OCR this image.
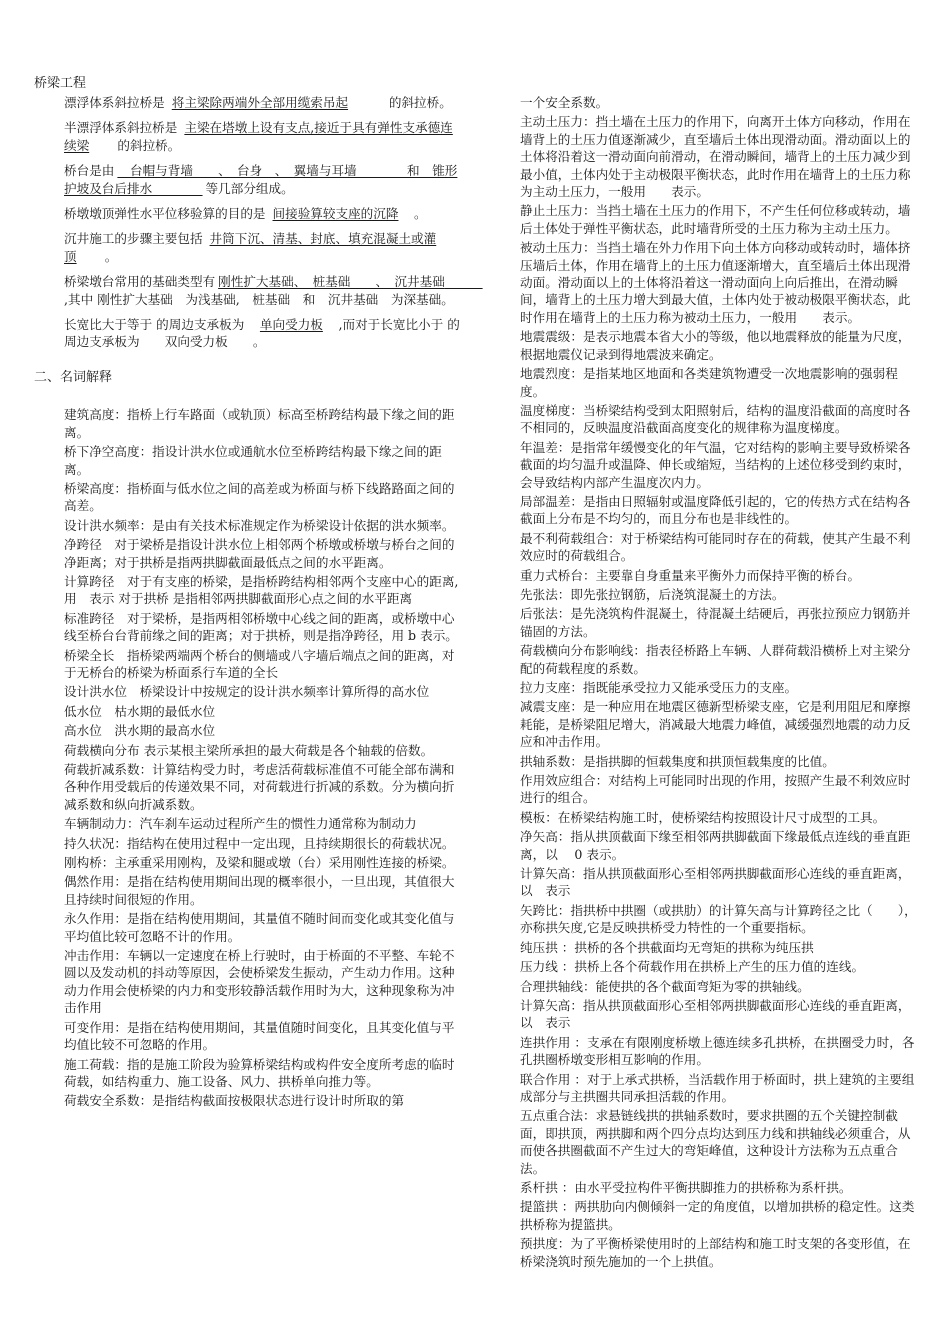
桥梁工程

漂浮体系斜拉桥是 将主梁除两端外全部用缆索吊起　　　的斜拉桥。

半漂浮体系斜拉桥是 主梁在塔墩上设有支点,接近于具有弹性支承德连续梁　　的斜拉桥。

桥台是由　台帽与背墙　　、　台身　、　翼墙与耳墙　　　　和　锥形护坡及台后排水　　　　等几部分组成。

桥墩墩顶弹性水平位移验算的目的是 间接验算较支座的沉降　。

沉井施工的步骤主要包括 井筒下沉、清基、封底、填充混凝土或灌顶　　。

桥梁墩台常用的基础类型有 刚性扩大基础、　桩基础　　、　沉井基础　　　,其中 刚性扩大基础　为浅基础,　桩基础　和　沉井基础　为深基础。

长宽比大于等于 的周边支承板为　单向受力板　,而对于长宽比小于 的周边支承板为　　双向受力板　　。

二、名词解释

建筑高度：指桥上行车路面（或轨顶）标高至桥跨结构最下缘之间的距离。

桥下净空高度：指设计洪水位或通航水位至桥跨结构最下缘之间的距离。

桥梁高度：指桥面与低水位之间的高差或为桥面与桥下线路路面之间的高差。

设计洪水频率：是由有关技术标准规定作为桥梁设计依据的洪水频率。

净跨径　对于梁桥是指设计洪水位上相邻两个桥墩或桥墩与桥台之间的净距离；对于拱桥是指两拱脚截面最低点之间的水平距离。

计算跨径　对于有支座的桥梁，是指桥跨结构相邻两个支座中心的距离,用　表示 对于拱桥 是指相邻两拱脚截面形心点之间的水平距离

标准跨径　对于梁桥，是指两相邻桥墩中心线之间的距离，或桥墩中心线至桥台台背前缘之间的距离；对于拱桥，则是指净跨径，用 b 表示。

桥梁全长　指桥梁两端两个桥台的侧墙或八字墙后端点之间的距离，对于无桥台的桥梁为桥面系行车道的全长

设计洪水位　桥梁设计中按规定的设计洪水频率计算所得的高水位

低水位　枯水期的最低水位

高水位　洪水期的最高水位

荷载横向分布 表示某根主梁所承担的最大荷载是各个轴载的倍数。

荷载折减系数：计算结构受力时，考虑活荷载标准值不可能全部布满和各种作用受载后的传递效果不同，对荷载进行折减的系数。分为横向折减系数和纵向折减系数。

车辆制动力：汽车刹车运动过程所产生的惯性力通常称为制动力

持久状况：指结构在使用过程中一定出现，且持续期很长的荷载状况。

刚构桥：主承重采用刚构，及梁和腿或墩（台）采用刚性连接的桥梁。

偶然作用：是指在结构使用期间出现的概率很小，一旦出现，其值很大且持续时间很短的作用。

永久作用：是指在结构使用期间，其量值不随时间而变化或其变化值与平均值比较可忽略不计的作用。

冲击作用：车辆以一定速度在桥上行驶时，由于桥面的不平整、车轮不圆以及发动机的抖动等原因，会使桥梁发生振动，产生动力作用。这种动力作用会使桥梁的内力和变形较静活载作用时为大，这种现象称为冲击作用

可变作用：是指在结构使用期间，其量值随时间变化，且其变化值与平均值比较不可忽略的作用。

施工荷载：指的是施工阶段为验算桥梁结构或构件安全度所考虑的临时荷载，如结构重力、施工设备、风力、拱桥单向推力等。

荷载安全系数：是指结构截面按极限状态进行设计时所取的第

一个安全系数。

主动土压力：挡土墙在土压力的作用下，向离开土体方向移动，作用在墙背上的土压力值逐渐减少，直至墙后土体出现滑动面。滑动面以上的土体将沿着这一滑动面向前滑动，在滑动瞬间，墙背上的土压力减少到最小值，土体内处于主动极限平衡状态，此时作用在墙背上的土压力称为主动土压力，一般用　　表示。

静止土压力：当挡土墙在土压力的作用下，不产生任何位移或转动，墙后土体处于弹性平衡状态，此时墙背所受的土压力称为主动土压力。

被动土压力：当挡土墙在外力作用下向土体方向移动或转动时，墙体挤压墙后土体，作用在墙背上的土压力值逐渐增大，直至墙后土体出现滑动面。滑动面以上的土体将沿着这一滑动面向上向后推出，在滑动瞬间，墙背上的土压力增大到最大值，土体内处于被动极限平衡状态，此时作用在墙背上的土压力称为被动土压力，一般用　　表示。

地震震级：是表示地震本省大小的等级，他以地震释放的能量为尺度，根据地震仪记录到得地震波来确定。

地震烈度：是指某地区地面和各类建筑物遭受一次地震影响的强弱程度。

温度梯度：当桥梁结构受到太阳照射后，结构的温度沿截面的高度时各不相同的，反映温度沿截面高度变化的规律称为温度梯度。

年温差：是指常年缓慢变化的年气温，它对结构的影响主要导致桥梁各截面的均匀温升或温降、伸长或缩短，当结构的上述位移受到约束时，会导致结构内部产生温度次内力。

局部温差：是指由日照辐射或温度降低引起的，它的传热方式在结构各截面上分布是不均匀的，而且分布也是非线性的。

最不利荷载组合：对于桥梁结构可能同时存在的荷载，使其产生最不利效应时的荷载组合。

重力式桥台：主要靠自身重量来平衡外力而保持平衡的桥台。

先张法：即先张拉钢筋，后浇筑混凝土的方法。

后张法：是先浇筑构件混凝土，待混凝土结硬后，再张拉预应力钢筋并锚固的方法。

荷载横向分布影响线：指表径桥路上车辆、人群荷载沿横桥上对主梁分配的荷载程度的系数。

拉力支座：指既能承受拉力又能承受压力的支座。

减震支座：是一种应用在地震区德新型桥梁支座，它是利用阻尼和摩擦耗能，是桥梁阻尼增大，消减最大地震力峰值，减缓强烈地震的动力反应和冲击作用。

拱轴系数：是指拱脚的恒载集度和拱顶恒载集度的比值。

作用效应组合：对结构上可能同时出现的作用，按照产生最不利效应时进行的组合。

模板：在桥梁结构施工时，使桥梁结构按照设计尺寸成型的工具。

净矢高：指从拱顶截面下缘至相邻两拱脚截面下缘最低点连线的垂直距离，以　 0 表示。

计算矢高：指从拱顶截面形心至相邻两拱脚截面形心连线的垂直距离，以　表示

矢跨比：指拱桥中拱圈（或拱肋）的计算矢高与计算跨径之比（　　），亦称拱矢度,它是反映拱桥受力特性的一个重要指标。

纯压拱 ：拱桥的各个拱截面均无弯矩的拱称为纯压拱

压力线 ：拱桥上各个荷载作用在拱桥上产生的压力值的连线。

合理拱轴线：能使拱的各个截面弯矩为零的拱轴线。

计算矢高：指从拱顶截面形心至相邻两拱脚截面形心连线的垂直距离，以　表示

连拱作用 ：支承在有限刚度桥墩上德连续多孔拱桥，在拱圈受力时，各孔拱圈桥墩变形相互影响的作用。

联合作用 ：对于上承式拱桥，当活载作用于桥面时，拱上建筑的主要组成部分与主拱圈共同承担活载的作用。

五点重合法：求悬链线拱的拱轴系数时，要求拱圈的五个关键控制截面，即拱顶，两拱脚和两个四分点均达到压力线和拱轴线必须重合，从而使各拱圈截面不产生过大的弯矩峰值，这种设计方法称为五点重合法。

系杆拱 ：由水平受拉构件平衡拱脚推力的拱桥称为系杆拱。

提篮拱 ：两拱肋向内侧倾斜一定的角度值，以增加拱桥的稳定性。这类拱桥称为提篮拱。

预拱度：为了平衡桥梁使用时的上部结构和施工时支架的各变形值，在桥梁浇筑时预先施加的一个上拱值。
